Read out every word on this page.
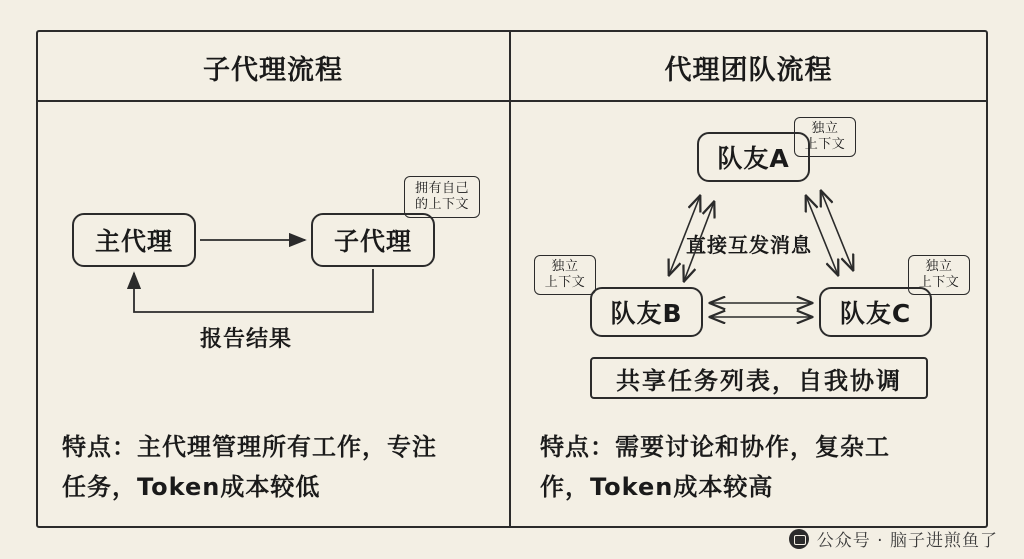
子代理流程	代理团队流程
主代理	子代理
拥有自己
的上下文
报告结果
特点：主代理管理所有工作，专注
任务，Token成本较低
队友A
独立
上下文
队友B
独立
上下文
队友C
独立
上下文
直接互发消息
共享任务列表，自我协调
特点：需要讨论和协作，复杂工
作，Token成本较高
公众号 · 脑子进煎鱼了
